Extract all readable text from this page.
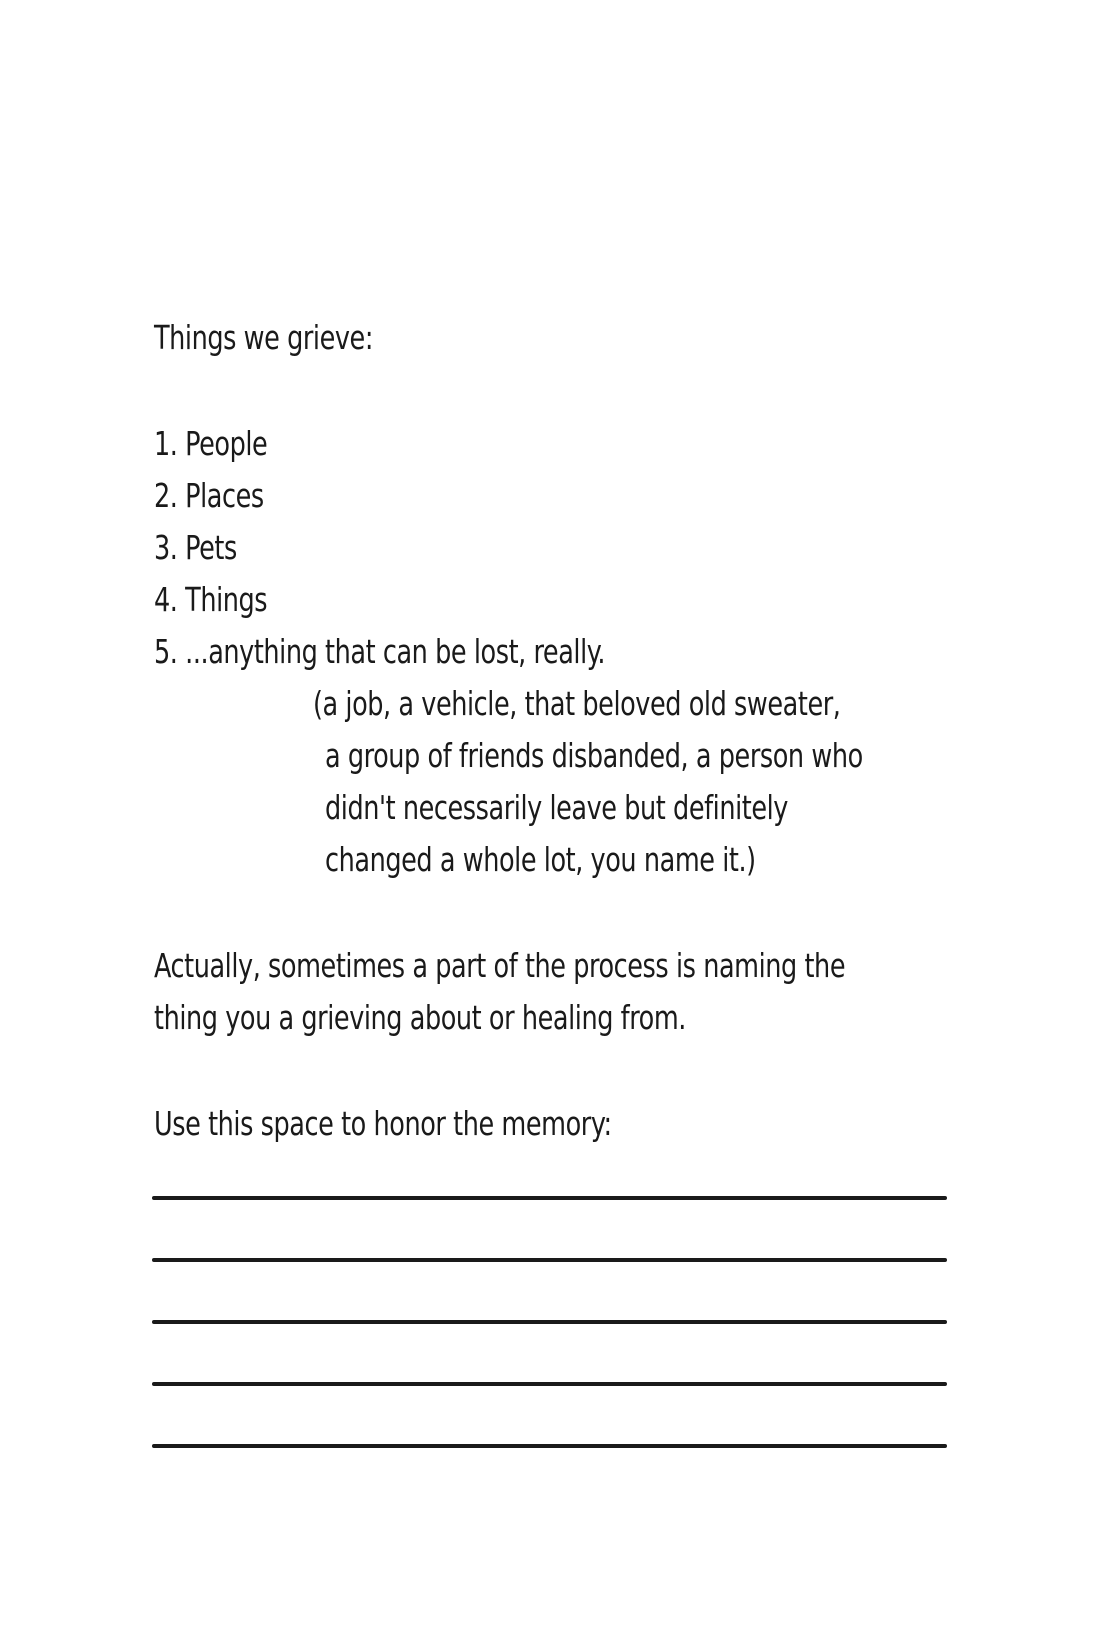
Things we grieve:
1. People
2. Places
3. Pets
4. Things
5. ...anything that can be lost, really.
(a job, a vehicle, that beloved old sweater,
a group of friends disbanded, a person who
didn't necessarily leave but definitely
changed a whole lot, you name it.)
Actually, sometimes a part of the process is naming the
thing you a grieving about or healing from.
Use this space to honor the memory:
